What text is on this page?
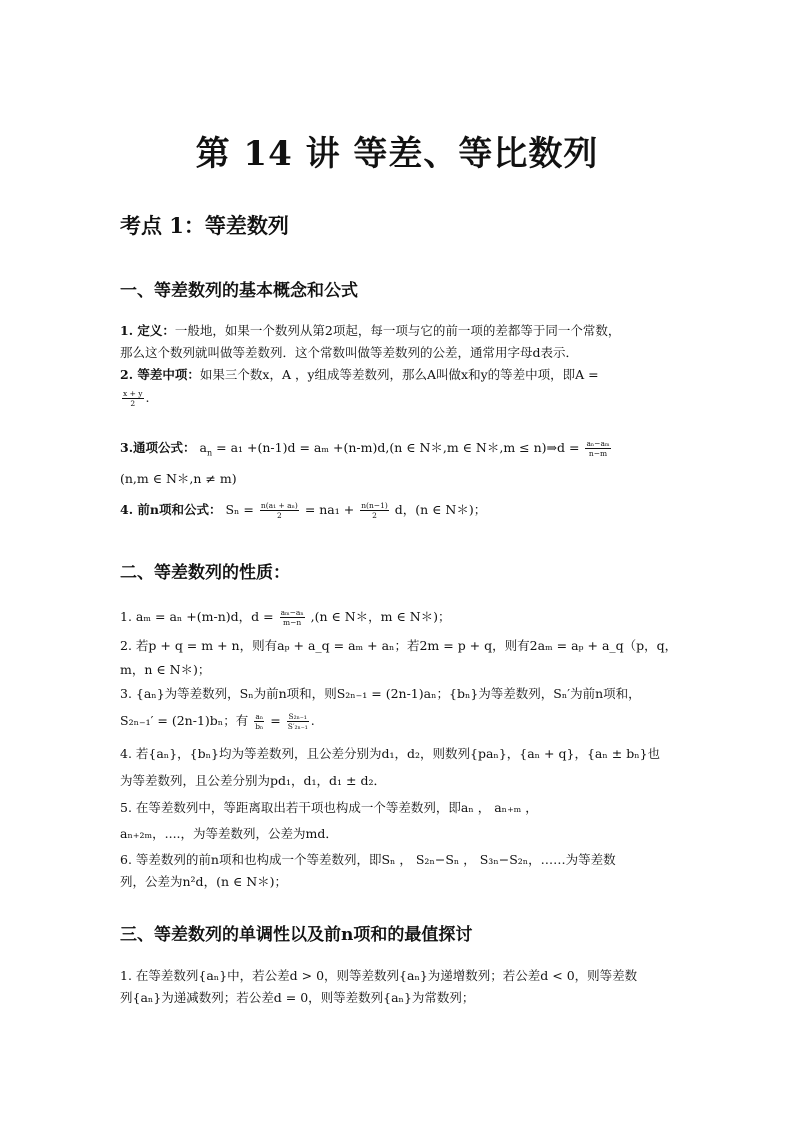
第 14 讲 等差、等比数列
考点 1：等差数列
一、等差数列的基本概念和公式
1. 定义：一般地，如果一个数列从第2项起，每一项与它的前一项的差都等于同一个常数，
那么这个数列就叫做等差数列．这个常数叫做等差数列的公差，通常用字母d表示．
2. 等差中项：如果三个数x，A ，y组成等差数列，那么A叫做x和y的等差中项，即A =
$\frac{x + y}{2}$ .
3.通项公式： $a_n = a_1 +(n-1)d = a_m +(n-m)d,(n$ ∈ N＊,m ∈ N＊,m ≤ n)⇒d = $\frac{\text{aₙ−aₘ}}{n-m}$
(n,m ∈ N＊,n ≠ m)
4. 前n项和公式： $S_n = \frac{\text{n(a₁ + aₙ)}}{2} = na_1 + \frac{n(n-1)}{2}$ d，(n ∈ N＊)；
二、等差数列的性质：
1. aₘ = aₙ +(m-n)d，$d = \frac{\text{aₘ−aₙ}}{m-n} ,(n$ ∈ N＊，m ∈ N＊)；
2. 若p + q = m + n，则有aₚ + a_q = aₘ + aₙ；若2m = p + q，则有2aₘ = aₚ + a_q（p，q，
m，n ∈ N＊)；
3. {aₙ}为等差数列，Sₙ为前n项和，则S₂ₙ₋₁ = (2n-1)aₙ；{bₙ}为等差数列，Sₙ′为前n项和，
S₂ₙ₋₁′ = (2n-1)bₙ；有 $\frac{\text{aₙ}}{\text{bₙ}} = \frac{\text{S₂ₙ₋₁}}{\text{S′₂ₙ₋₁}}$ .
4. 若{aₙ}，{bₙ}均为等差数列，且公差分别为d₁，d₂，则数列{paₙ}，{aₙ + q}，{aₙ ± bₙ}也
为等差数列，且公差分别为pd₁，d₁，d₁ ± d₂．
5. 在等差数列中，等距离取出若干项也构成一个等差数列，即aₙ ， aₙ₊ₘ ，
aₙ₊₂ₘ，....，为等差数列，公差为md．
6. 等差数列的前n项和也构成一个等差数列，即Sₙ ， S₂ₙ−Sₙ ， S₃ₙ−S₂ₙ，……为等差数
列，公差为n²d，(n ∈ N＊)；
三、等差数列的单调性以及前n项和的最值探讨
1. 在等差数列{aₙ}中，若公差d > 0，则等差数列{aₙ}为递增数列；若公差d < 0，则等差数
列{aₙ}为递减数列；若公差d = 0，则等差数列{aₙ}为常数列；
